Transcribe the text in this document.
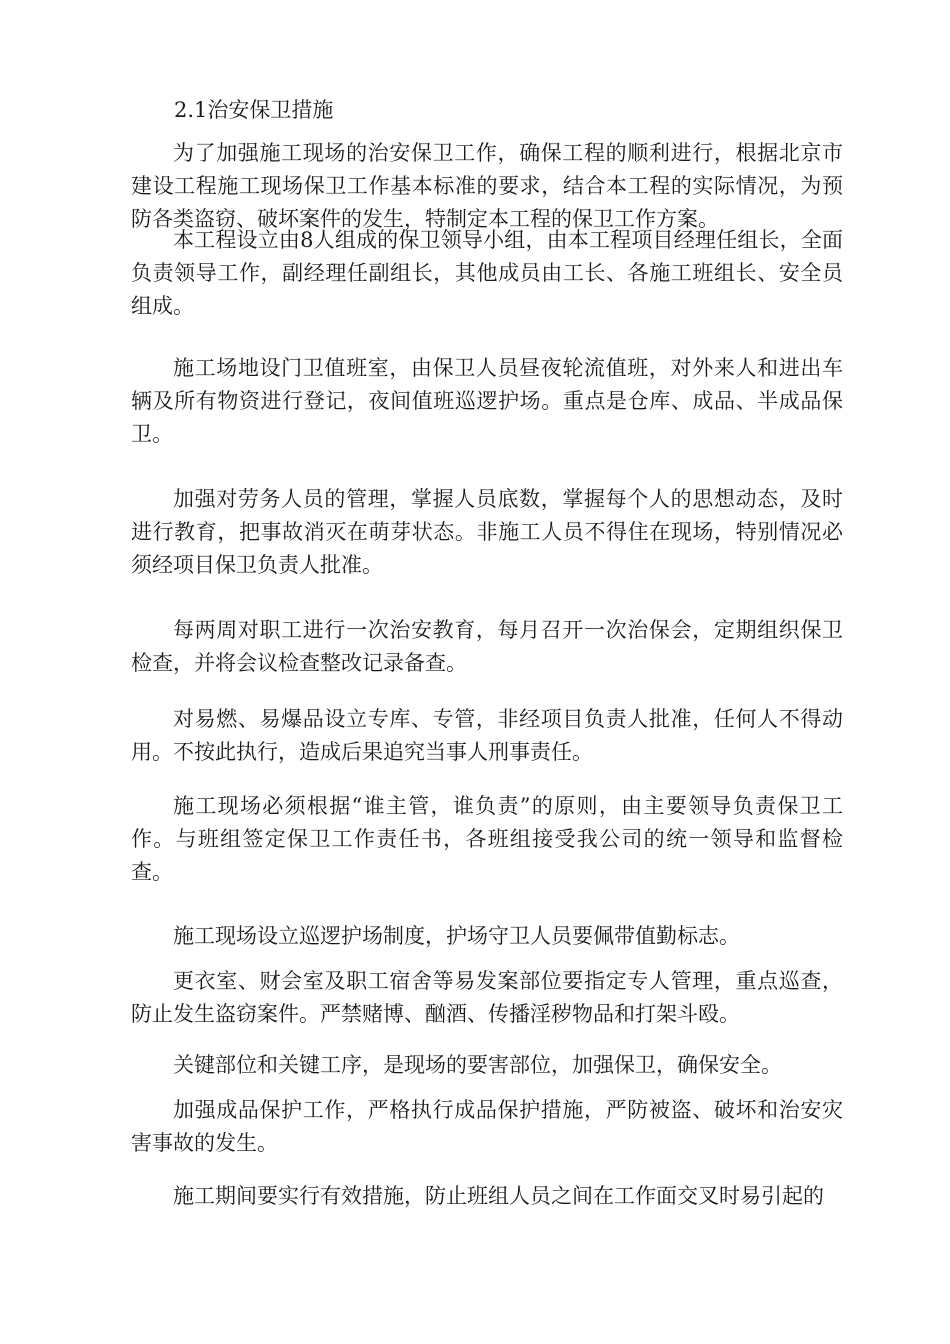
2.1治安保卫措施

为了加强施工现场的治安保卫工作，确保工程的顺利进行，根据北京市建设工程施工现场保卫工作基本标准的要求，结合本工程的实际情况，为预防各类盗窃、破坏案件的发生，特制定本工程的保卫工作方案。

本工程设立由8人组成的保卫领导小组，由本工程项目经理任组长，全面负责领导工作，副经理任副组长，其他成员由工长、各施工班组长、安全员组成。

施工场地设门卫值班室，由保卫人员昼夜轮流值班，对外来人和进出车辆及所有物资进行登记，夜间值班巡逻护场。重点是仓库、成品、半成品保卫。

加强对劳务人员的管理，掌握人员底数，掌握每个人的思想动态，及时进行教育，把事故消灭在萌芽状态。非施工人员不得住在现场，特别情况必须经项目保卫负责人批准。

每两周对职工进行一次治安教育，每月召开一次治保会，定期组织保卫检查，并将会议检查整改记录备查。

对易燃、易爆品设立专库、专管，非经项目负责人批准，任何人不得动用。不按此执行，造成后果追究当事人刑事责任。

施工现场必须根据“谁主管，谁负责”的原则，由主要领导负责保卫工作。与班组签定保卫工作责任书，各班组接受我公司的统一领导和监督检查。

施工现场设立巡逻护场制度，护场守卫人员要佩带值勤标志。

更衣室、财会室及职工宿舍等易发案部位要指定专人管理，重点巡查，防止发生盗窃案件。严禁赌博、酗酒、传播淫秽物品和打架斗殴。

关键部位和关键工序，是现场的要害部位，加强保卫，确保安全。

加强成品保护工作，严格执行成品保护措施，严防被盗、破坏和治安灾害事故的发生。

施工期间要实行有效措施，防止班组人员之间在工作面交叉时易引起的
